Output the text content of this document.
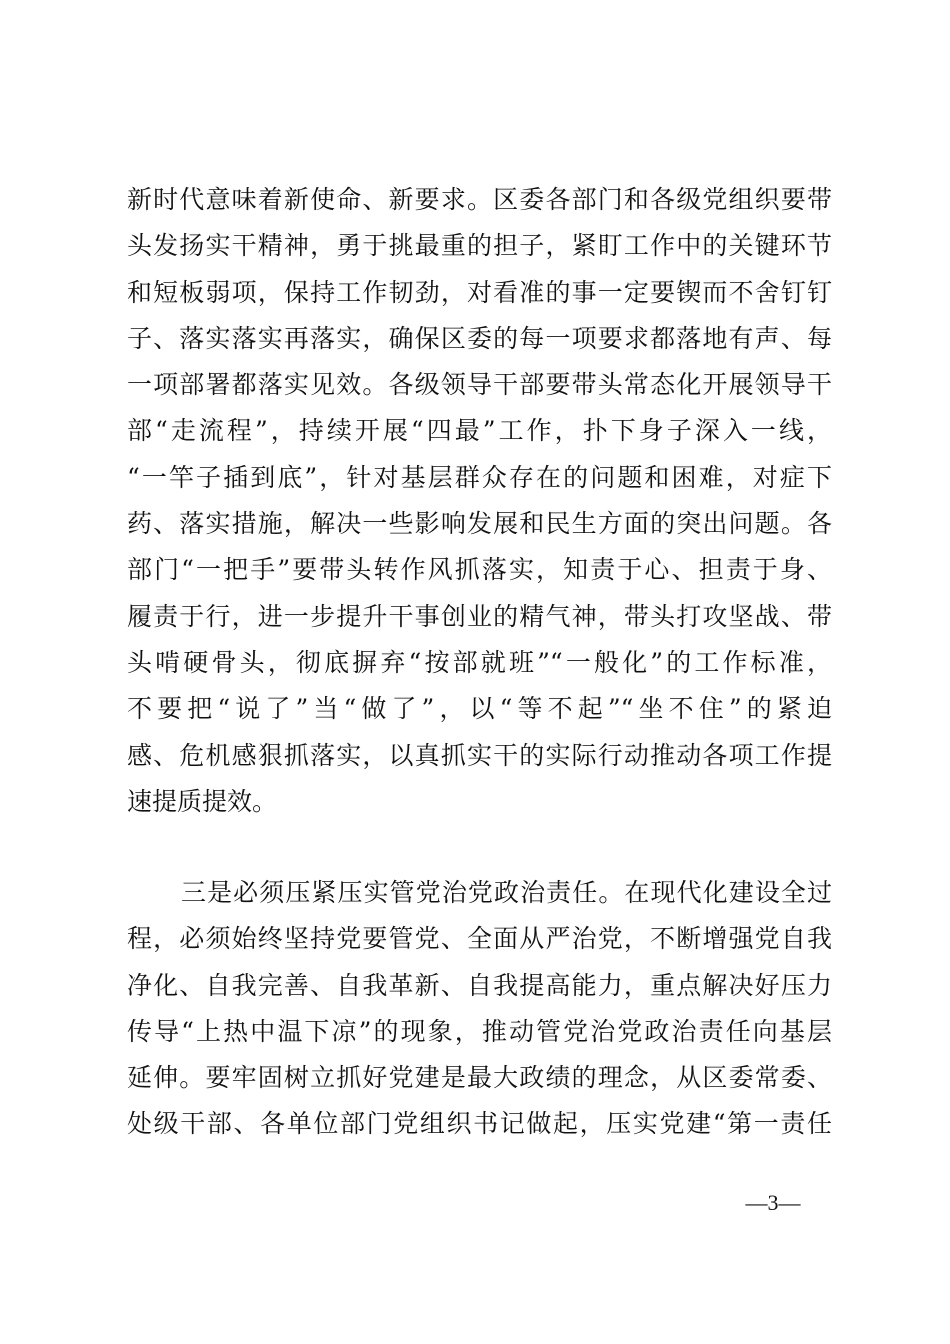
新时代意味着新使命、新要求。区委各部门和各级党组织要带
头发扬实干精神，勇于挑最重的担子，紧盯工作中的关键环节
和短板弱项，保持工作韧劲，对看准的事一定要锲而不舍钉钉
子、落实落实再落实，确保区委的每一项要求都落地有声、每
一项部署都落实见效。各级领导干部要带头常态化开展领导干
部“走流程”，持续开展“四最”工作，扑下身子深入一线，
“一竿子插到底”，针对基层群众存在的问题和困难，对症下
药、落实措施，解决一些影响发展和民生方面的突出问题。各
部门“一把手”要带头转作风抓落实，知责于心、担责于身、
履责于行，进一步提升干事创业的精气神，带头打攻坚战、带
头啃硬骨头，彻底摒弃“按部就班”“一般化”的工作标准，
不要把“说了”当“做了”，以“等不起”“坐不住”的紧迫
感、危机感狠抓落实，以真抓实干的实际行动推动各项工作提
速提质提效。
三是必须压紧压实管党治党政治责任。在现代化建设全过
程，必须始终坚持党要管党、全面从严治党，不断增强党自我
净化、自我完善、自我革新、自我提高能力，重点解决好压力
传导“上热中温下凉”的现象，推动管党治党政治责任向基层
延伸。要牢固树立抓好党建是最大政绩的理念，从区委常委、
处级干部、各单位部门党组织书记做起，压实党建“第一责任
—3—
